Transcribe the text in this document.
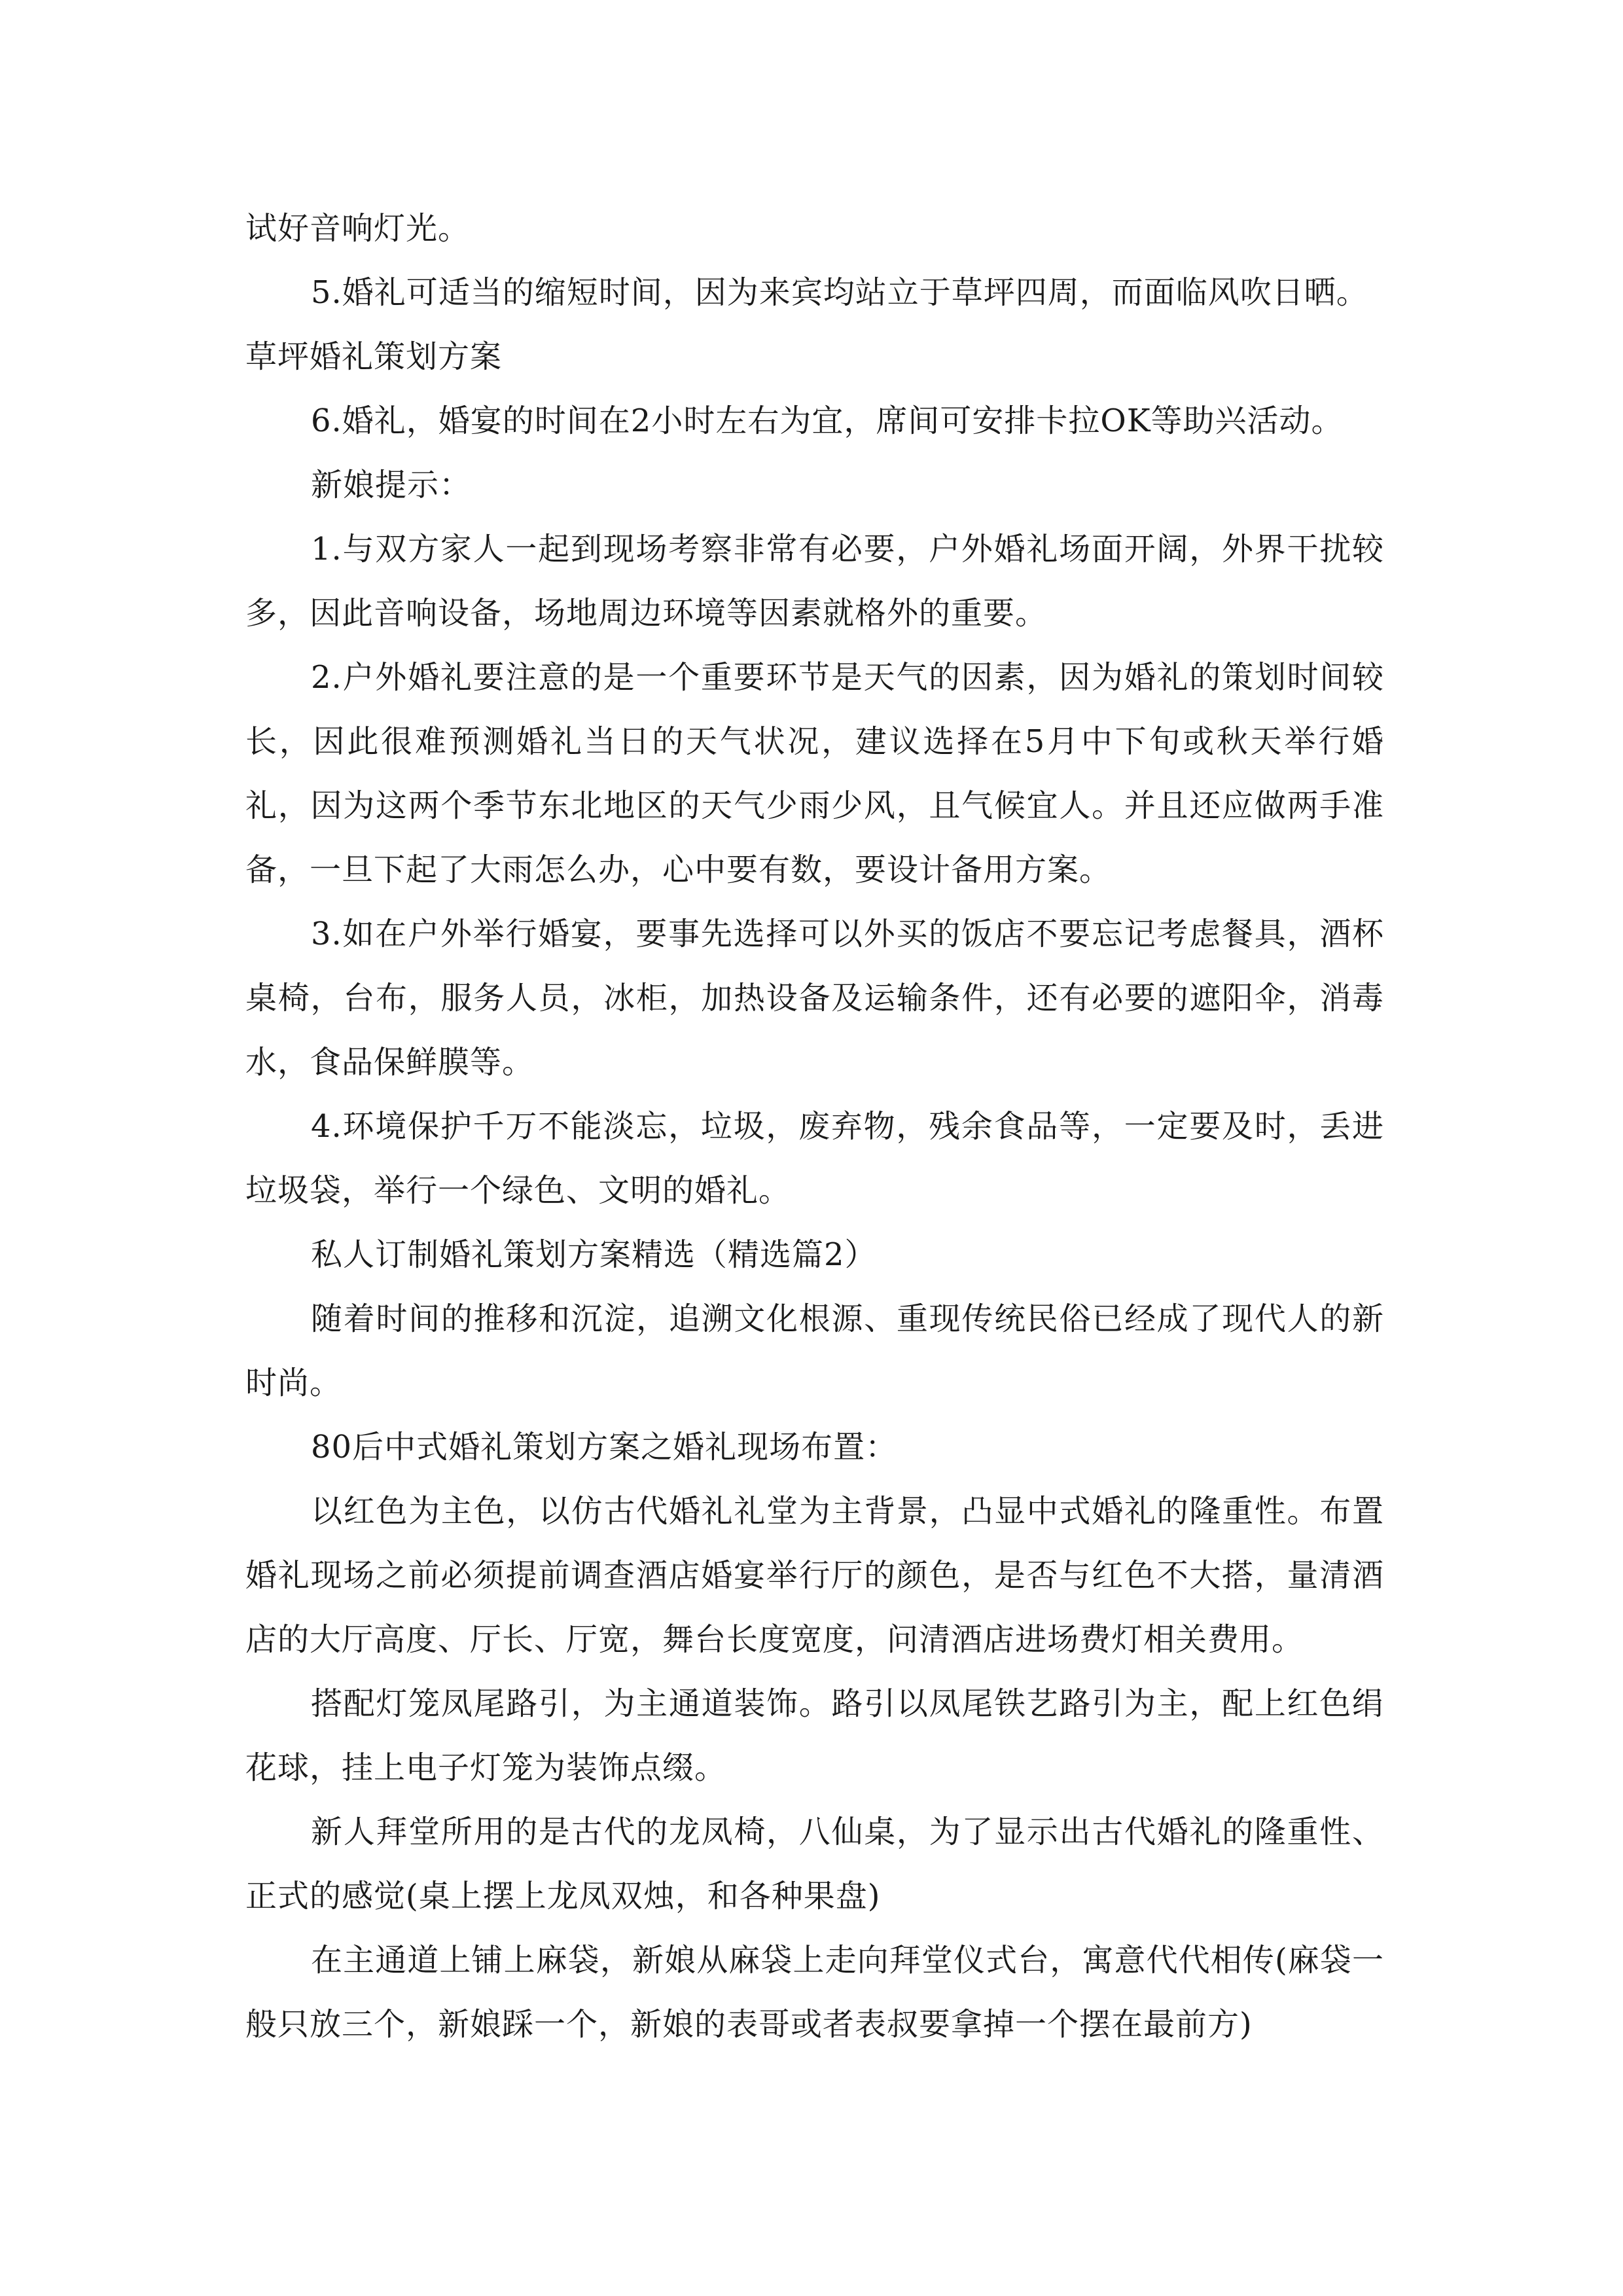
试好音响灯光。

5.婚礼可适当的缩短时间，因为来宾均站立于草坪四周，而面临风吹日晒。

草坪婚礼策划方案

6.婚礼，婚宴的时间在2小时左右为宜，席间可安排卡拉OK等助兴活动。

新娘提示：

1.与双方家人一起到现场考察非常有必要，户外婚礼场面开阔，外界干扰较多，因此音响设备，场地周边环境等因素就格外的重要。

2.户外婚礼要注意的是一个重要环节是天气的因素，因为婚礼的策划时间较长，因此很难预测婚礼当日的天气状况，建议选择在5月中下旬或秋天举行婚礼，因为这两个季节东北地区的天气少雨少风，且气候宜人。并且还应做两手准备，一旦下起了大雨怎么办，心中要有数，要设计备用方案。

3.如在户外举行婚宴，要事先选择可以外买的饭店不要忘记考虑餐具，酒杯桌椅，台布，服务人员，冰柜，加热设备及运输条件，还有必要的遮阳伞，消毒水，食品保鲜膜等。

4.环境保护千万不能淡忘，垃圾，废弃物，残余食品等，一定要及时，丢进垃圾袋，举行一个绿色、文明的婚礼。

私人订制婚礼策划方案精选（精选篇2）

随着时间的推移和沉淀，追溯文化根源、重现传统民俗已经成了现代人的新时尚。

80后中式婚礼策划方案之婚礼现场布置：

以红色为主色，以仿古代婚礼礼堂为主背景，凸显中式婚礼的隆重性。布置婚礼现场之前必须提前调查酒店婚宴举行厅的颜色，是否与红色不大搭，量清酒店的大厅高度、厅长、厅宽，舞台长度宽度，问清酒店进场费灯相关费用。

搭配灯笼凤尾路引，为主通道装饰。路引以凤尾铁艺路引为主，配上红色绢花球，挂上电子灯笼为装饰点缀。

新人拜堂所用的是古代的龙凤椅，八仙桌，为了显示出古代婚礼的隆重性、正式的感觉(桌上摆上龙凤双烛，和各种果盘)

在主通道上铺上麻袋，新娘从麻袋上走向拜堂仪式台，寓意代代相传(麻袋一般只放三个，新娘踩一个，新娘的表哥或者表叔要拿掉一个摆在最前方)
